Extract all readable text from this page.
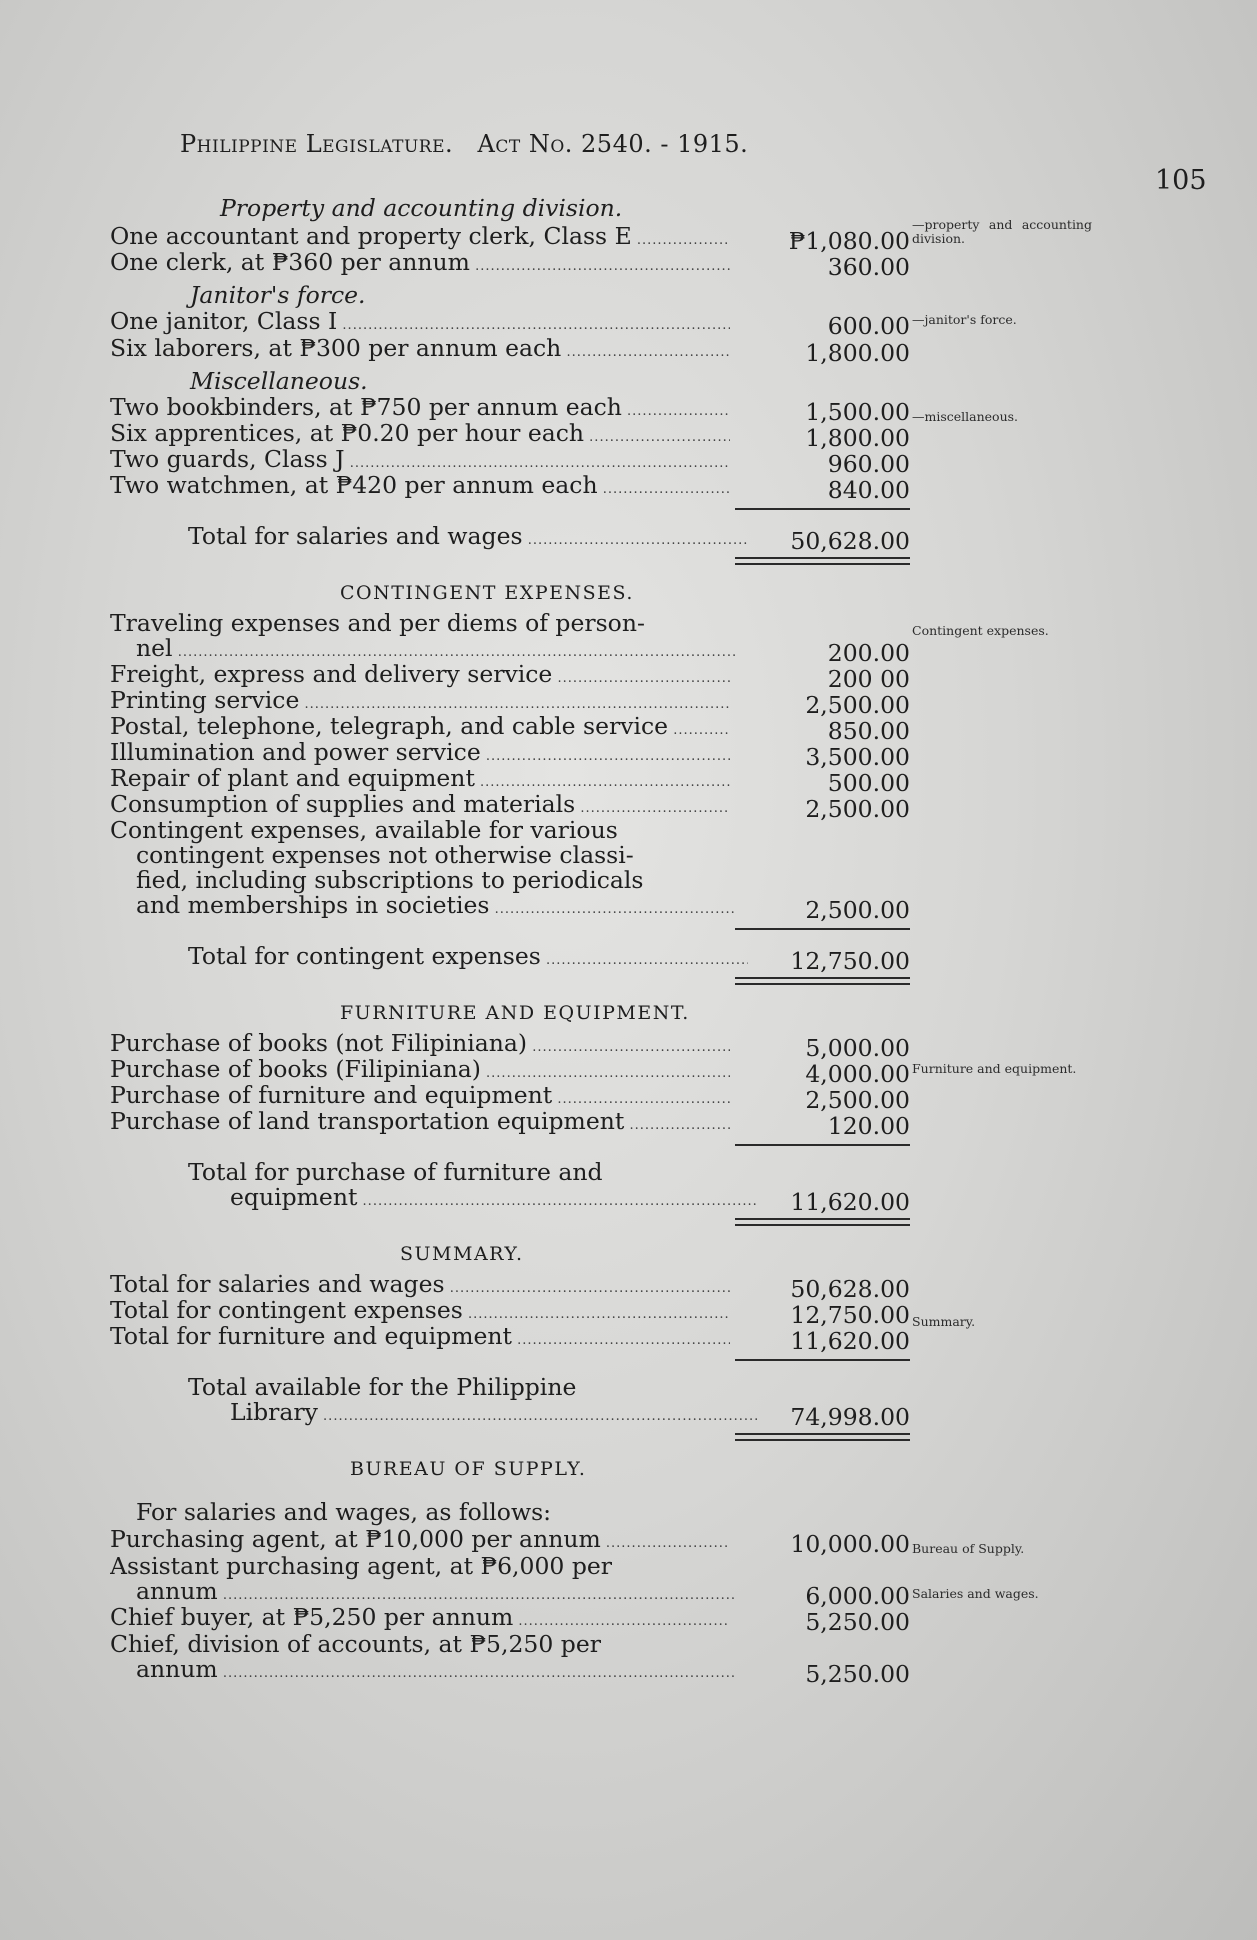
Philippine Legislature. Act No. 2540. - 1915.
105
Property and accounting division.
One accountant and property clerk, Class E .....	₱1,080.00
One clerk, at ₱360 per annum .....	360.00
Janitor's force.
One janitor, Class I .....	600.00
Six laborers, at ₱300 per annum each .....	1,800.00
Miscellaneous.
Two bookbinders, at ₱750 per annum each .....	1,500.00
Six apprentices, at ₱0.20 per hour each .....	1,800.00
Two guards, Class J .....	960.00
Two watchmen, at ₱420 per annum each .....	840.00
Total for salaries and wages .....	50,628.00
CONTINGENT EXPENSES.
Traveling expenses and per diems of person-
nel .....	200.00
Freight, express and delivery service .....	200 00
Printing service .....	2,500.00
Postal, telephone, telegraph, and cable service .....	850.00
Illumination and power service .....	3,500.00
Repair of plant and equipment .....	500.00
Consumption of supplies and materials .....	2,500.00
Contingent expenses, available for various
contingent expenses not otherwise classi-
fied, including subscriptions to periodicals
and memberships in societies .....	2,500.00
Total for contingent expenses .....	12,750.00
FURNITURE AND EQUIPMENT.
Purchase of books (not Filipiniana) .....	5,000.00
Purchase of books (Filipiniana) .....	4,000.00
Purchase of furniture and equipment .....	2,500.00
Purchase of land transportation equipment .....	120.00
Total for purchase of furniture and
equipment .....	11,620.00
SUMMARY.
Total for salaries and wages .....	50,628.00
Total for contingent expenses .....	12,750.00
Total for furniture and equipment .....	11,620.00
Total available for the Philippine
Library .....	74,998.00
BUREAU OF SUPPLY.
For salaries and wages, as follows:
Purchasing agent, at ₱10,000 per annum .....	10,000.00
Assistant purchasing agent, at ₱6,000 per
annum .....	6,000.00
Chief buyer, at ₱5,250 per annum .....	5,250.00
Chief, division of accounts, at ₱5,250 per
annum .....	5,250.00
—property and accounting division.
—janitor's force.
—miscellaneous.
Contingent expenses.
Furniture and equipment.
Summary.
Bureau of Supply.
Salaries and wages.
